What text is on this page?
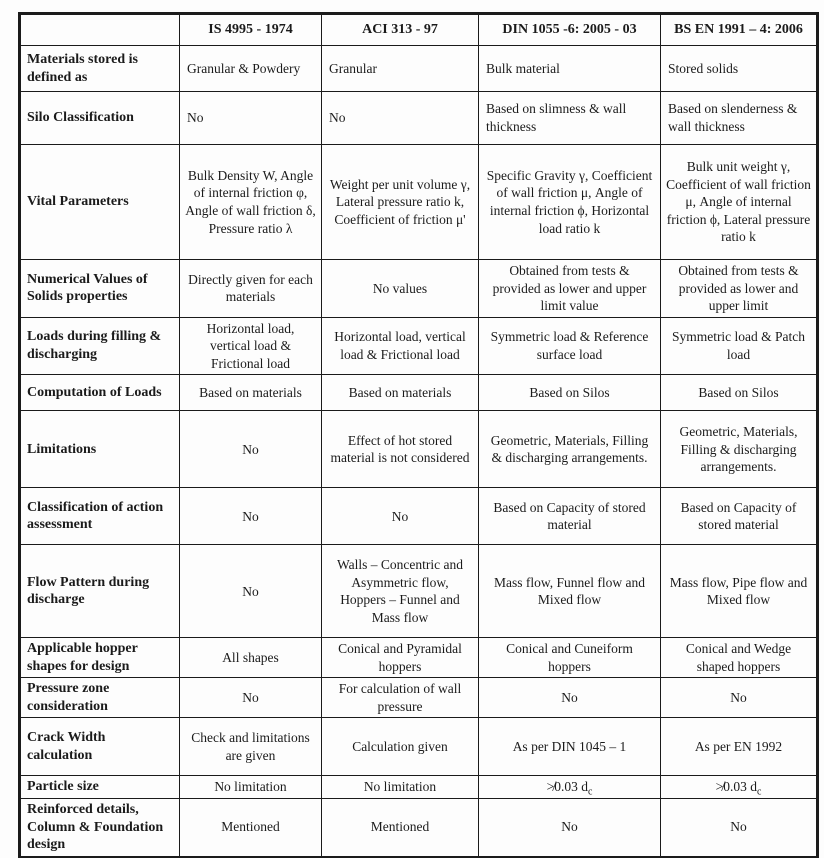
	IS 4995 - 1974	ACI 313 - 97	DIN 1055 -6: 2005 - 03	BS EN 1991 – 4: 2006
Materials stored is defined as	Granular & Powdery	Granular	Bulk material	Stored solids
Silo Classification	No	No	Based on slimness & wall thickness	Based on slenderness & wall thickness
Vital Parameters	Bulk Density W, Angle of internal friction φ, Angle of wall friction δ, Pressure ratio λ	Weight per unit volume γ, Lateral pressure ratio k, Coefficient of friction μ'	Specific Gravity γ, Coefficient of wall friction μ, Angle of internal friction ϕ, Horizontal load ratio k	Bulk unit weight γ, Coefficient of wall friction μ, Angle of internal friction ϕ, Lateral pressure ratio k
Numerical Values of Solids properties	Directly given for each materials	No values	Obtained from tests & provided as lower and upper limit value	Obtained from tests & provided as lower and upper limit
Loads during filling & discharging	Horizontal load, vertical load & Frictional load	Horizontal load, vertical load & Frictional load	Symmetric load & Reference surface load	Symmetric load & Patch load
Computation of Loads	Based on materials	Based on materials	Based on Silos	Based on Silos
Limitations	No	Effect of hot stored material is not considered	Geometric, Materials, Filling & discharging arrangements.	Geometric, Materials, Filling & discharging arrangements.
Classification of action assessment	No	No	Based on Capacity of stored material	Based on Capacity of stored material
Flow Pattern during discharge	No	Walls – Concentric and Asymmetric flow, Hoppers – Funnel and Mass flow	Mass flow, Funnel flow and Mixed flow	Mass flow, Pipe flow and Mixed flow
Applicable hopper shapes for design	All shapes	Conical and Pyramidal hoppers	Conical and Cuneiform hoppers	Conical and Wedge shaped hoppers
Pressure zone consideration	No	For calculation of wall pressure	No	No
Crack Width calculation	Check and limitations are given	Calculation given	As per DIN 1045 – 1	As per EN 1992
Particle size	No limitation	No limitation	≯0.03 $d_c$	≯0.03 $d_c$
Reinforced details, Column & Foundation design	Mentioned	Mentioned	No	No
